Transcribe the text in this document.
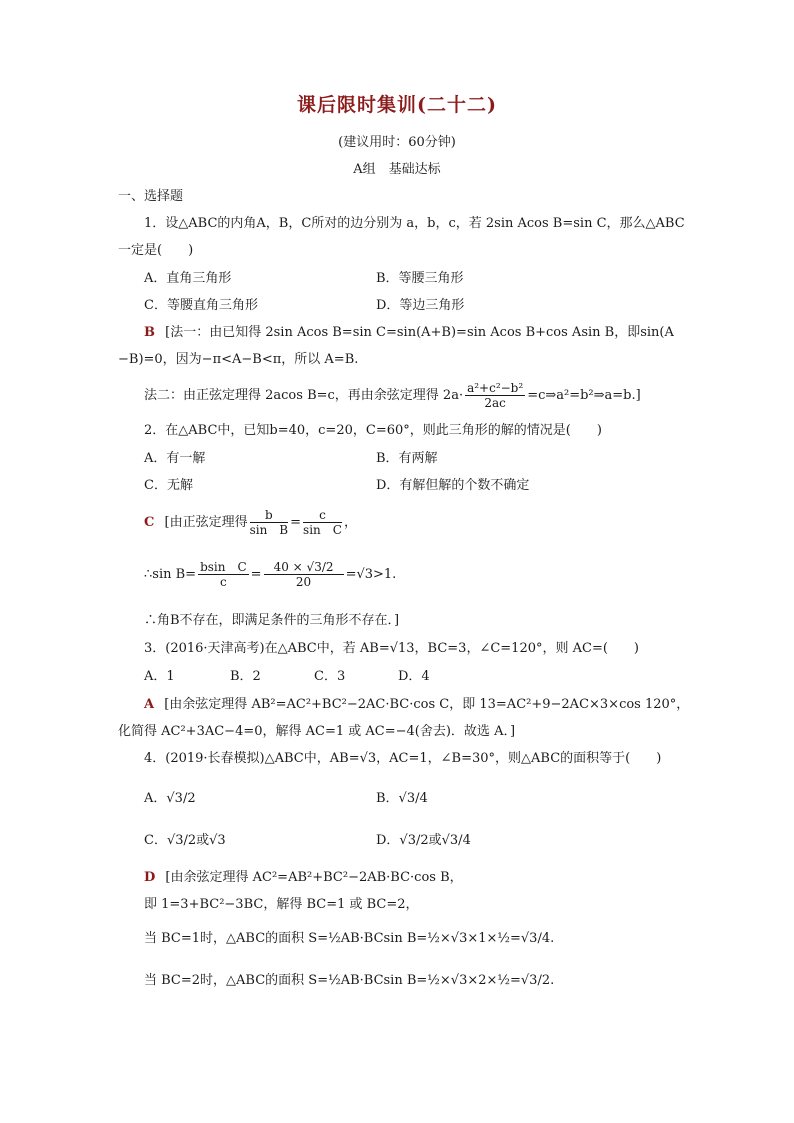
课后限时集训(二十二)
(建议用时：60分钟)
A组　基础达标
一、选择题
1．设△ABC的内角A，B，C所对的边分别为 a，b，c，若 2sin Acos B=sin C，那么△ABC
一定是(　　)
A．直角三角形	B．等腰三角形
C．等腰直角三角形	D．等边三角形
B [法一：由已知得 2sin Acos B=sin C=sin(A+B)=sin Acos B+cos Asin B，即sin(A
−B)=0，因为−π<A−B<π，所以 A=B.
法二：由正弦定理得 2acos B=c，再由余弦定理得 $2a\cdot \frac{\text{a²+c²−b²}}{2ac}$ =c⇒a²=b²⇒a=b.]
2．在△ABC中，已知b=40，c=20，C=60°，则此三角形的解的情况是(　　)
A．有一解	B．有两解
C．无解	D．有解但解的个数不确定
C [由正弦定理得 $\frac{b}{\text{sin　B}} = \frac{c}{\text{sin　C}}$ ，
∴sin $B= \frac{\text{bsin　C}}{c} = \frac{40 \times √3/2}{20} =√3>1$.
∴角B不存在，即满足条件的三角形不存在．]
3．(2016·天津高考)在△ABC中，若 AB=√13，BC=3，∠C=120°，则 AC=(　　)
A．1	B．2	C．3	D．4
A [由余弦定理得 AB²=AC²+BC²−2AC·BC·cos C，即 13=AC²+9−2AC×3×cos 120°，
化简得 AC²+3AC−4=0，解得 AC=1 或 AC=−4(舍去)．故选 A．]
4．(2019·长春模拟)△ABC中，AB=√3，AC=1，∠B=30°，则△ABC的面积等于(　　)
A．√3/2	B．√3/4
C．√3/2或√3	D．√3/2或√3/4
D [由余弦定理得 AC²=AB²+BC²−2AB·BC·cos B，
即 1=3+BC²−3BC，解得 BC=1 或 BC=2，
当 BC=1时，△ABC的面积 S=½AB·BCsin B=½×√3×1×½=√3/4.
当 BC=2时，△ABC的面积 S=½AB·BCsin B=½×√3×2×½=√3/2.
